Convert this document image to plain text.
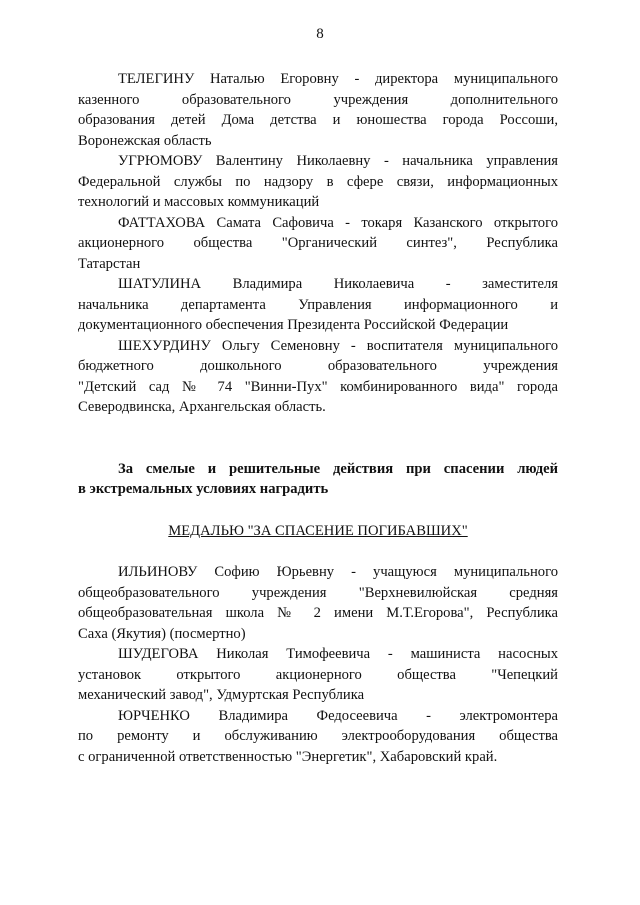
8
ТЕЛЕГИНУ Наталью Егоровну - директора муниципального
казенного образовательного учреждения дополнительного
образования детей Дома детства и юношества города Россоши,
Воронежская область
УГРЮМОВУ Валентину Николаевну - начальника управления
Федеральной службы по надзору в сфере связи, информационных
технологий и массовых коммуникаций
ФАТТАХОВА Самата Сафовича - токаря Казанского открытого
акционерного общества "Органический синтез", Республика
Татарстан
ШАТУЛИНА Владимира Николаевича - заместителя
начальника департамента Управления информационного и
документационного обеспечения Президента Российской Федерации
ШЕХУРДИНУ Ольгу Семеновну - воспитателя муниципального
бюджетного дошкольного образовательного учреждения
"Детский сад № 74 "Винни-Пух" комбинированного вида" города
Северодвинска, Архангельская область.
За смелые и решительные действия при спасении людей
в экстремальных условиях наградить

МЕДАЛЬЮ "ЗА СПАСЕНИЕ ПОГИБАВШИХ"

ИЛЬИНОВУ Софию Юрьевну - учащуюся муниципального
общеобразовательного учреждения "Верхневилюйская средняя
общеобразовательная школа № 2 имени М.Т.Егорова", Республика
Саха (Якутия) (посмертно)
ШУДЕГОВА Николая Тимофеевича - машиниста насосных
установок открытого акционерного общества "Чепецкий
механический завод", Удмуртская Республика
ЮРЧЕНКО Владимира Федосеевича - электромонтера
по ремонту и обслуживанию электрооборудования общества
с ограниченной ответственностью "Энергетик", Хабаровский край.
